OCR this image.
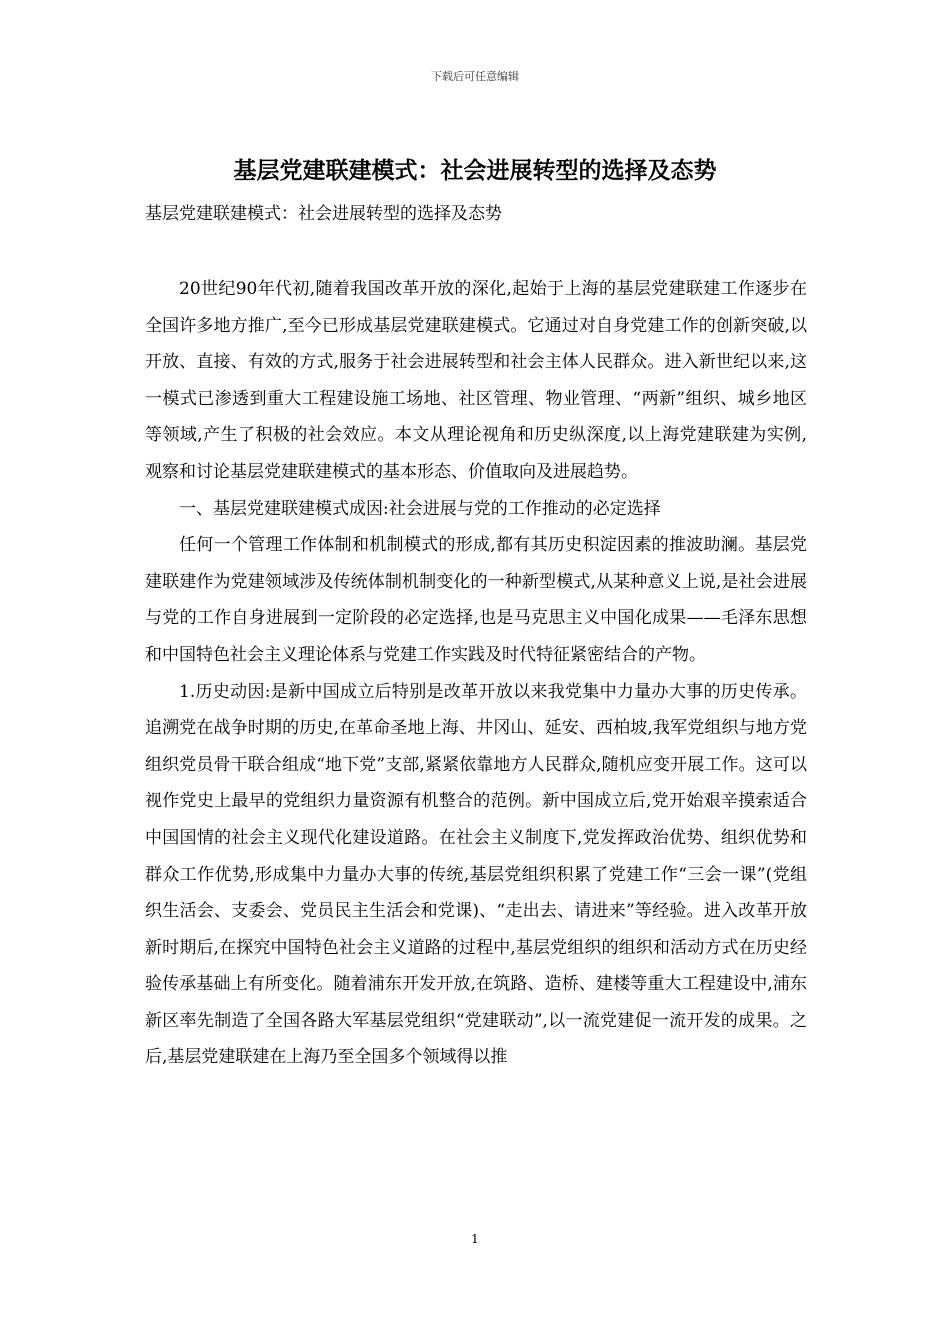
下载后可任意编辑
基层党建联建模式：社会进展转型的选择及态势
基层党建联建模式：社会进展转型的选择及态势

20世纪90年代初,随着我国改革开放的深化,起始于上海的基层党建联建工作逐步在全国许多地方推广,至今已形成基层党建联建模式。它通过对自身党建工作的创新突破,以开放、直接、有效的方式,服务于社会进展转型和社会主体人民群众。进入新世纪以来,这一模式已渗透到重大工程建设施工场地、社区管理、物业管理、“两新”组织、城乡地区等领域,产生了积极的社会效应。本文从理论视角和历史纵深度,以上海党建联建为实例,观察和讨论基层党建联建模式的基本形态、价值取向及进展趋势。

一、基层党建联建模式成因:社会进展与党的工作推动的必定选择

任何一个管理工作体制和机制模式的形成,都有其历史积淀因素的推波助澜。基层党建联建作为党建领域涉及传统体制机制变化的一种新型模式,从某种意义上说,是社会进展与党的工作自身进展到一定阶段的必定选择,也是马克思主义中国化成果——毛泽东思想和中国特色社会主义理论体系与党建工作实践及时代特征紧密结合的产物。

1.历史动因:是新中国成立后特别是改革开放以来我党集中力量办大事的历史传承。追溯党在战争时期的历史,在革命圣地上海、井冈山、延安、西柏坡,我军党组织与地方党组织党员骨干联合组成“地下党”支部,紧紧依靠地方人民群众,随机应变开展工作。这可以视作党史上最早的党组织力量资源有机整合的范例。新中国成立后,党开始艰辛摸索适合中国国情的社会主义现代化建设道路。在社会主义制度下,党发挥政治优势、组织优势和群众工作优势,形成集中力量办大事的传统,基层党组织积累了党建工作“三会一课”(党组织生活会、支委会、党员民主生活会和党课)、“走出去、请进来”等经验。进入改革开放新时期后,在探究中国特色社会主义道路的过程中,基层党组织的组织和活动方式在历史经验传承基础上有所变化。随着浦东开发开放,在筑路、造桥、建楼等重大工程建设中,浦东新区率先制造了全国各路大军基层党组织“党建联动”,以一流党建促一流开发的成果。之后,基层党建联建在上海乃至全国多个领域得以推

1
